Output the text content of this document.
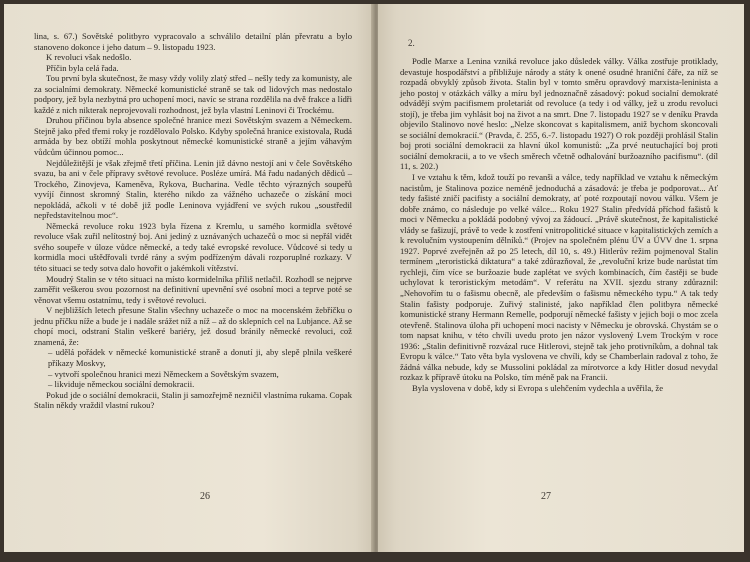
lina, s. 67.) Sovětské politbyro vypracovalo a schválilo detailní plán převratu a bylo stanoveno dokonce i jeho datum – 9. listopadu 1923.

K revoluci však nedošlo.

Příčin byla celá řada.

Tou první byla skutečnost, že masy vždy volily zlatý střed – nešly tedy za komunisty, ale za socialními demokraty. Německé komunistické straně se tak od lidových mas nedostalo podpory, jež byla nezbytná pro uchopení moci, navíc se strana rozdělila na dvě frakce a lídři každé z nich nikterak neprojevovali rozhodnost, jež byla vlastní Leninovi či Trockému.

Druhou příčinou byla absence společné hranice mezi Sovětským svazem a Německem. Stejně jako před třemi roky je rozdělovalo Polsko. Kdyby společná hranice existovala, Rudá armáda by bez obtíží mohla poskytnout německé komunistické straně a jejím váhavým vůdcům účinnou pomoc...

Nejdůležitější je však zřejmě třetí příčina. Lenin již dávno nestojí ani v čele Sovětského svazu, ba ani v čele přípravy světové revoluce. Posléze umírá. Má řadu nadaných dědiců – Trockého, Zinovjeva, Kameněva, Rykova, Bucharina. Vedle těchto výrazných soupeřů vyvíjí činnost skromný Stalin, kterého nikdo za vážného uchazeče o získání moci nepokládá, ačkoli v té době již podle Leninova vyjádření ve svých rukou „soustředil nepředstavitelnou moc“.

Německá revoluce roku 1923 byla řízena z Kremlu, u samého kormidla světové revoluce však zuřil nelítostný boj. Ani jediný z uznávaných uchazečů o moc si nepřál vidět svého soupeře v úloze vůdce německé, a tedy také evropské revoluce. Vůdcové si tedy u kormidla moci uštědřovali tvrdé rány a svým podřízeným dávali rozporuplné rozkazy. V této situaci se tedy sotva dalo hovořit o jakémkoli vítězství.

Moudrý Stalin se v této situaci na místo kormidelníka příliš netlačil. Rozhodl se nejprve zaměřit veškerou svou pozornost na definitivní upevnění své osobní moci a teprve poté se věnovat všemu ostatnímu, tedy i světové revoluci.

V nejbližších letech přesune Stalin všechny uchazeče o moc na mocenském žebříčku o jednu příčku níže a bude je i nadále srážet níž a níž – až do sklepních cel na Lubjance. Až se chopí moci, odstraní Stalin veškeré bariéry, jež dosud bránily německé revoluci, což znamená, že:

– udělá pořádek v německé komunistické straně a donutí ji, aby slepě plnila veškeré příkazy Moskvy,

– vytvoří společnou hranici mezi Německem a Sovětským svazem,

– likviduje německou sociální demokracii.

Pokud jde o sociální demokracii, Stalin ji samozřejmě nezničil vlastníma rukama. Copak Stalin někdy vraždil vlastní rukou?

26
2.

Podle Marxe a Lenina vzniká revoluce jako důsledek války. Válka zostřuje protiklady, devastuje hospodářství a přibližuje národy a státy k onené osudné hraniční čáře, za níž se rozpadá obvyklý způsob života. Stalin byl v tomto směru opravdový marxista-leninista a jeho postoj v otázkách války a míru byl jednoznačně zásadový: pokud socialní demokraté odvádějí svým pacifismem proletariát od revoluce (a tedy i od války, jež u zrodu revoluci stojí), je třeba jim vyhlásit boj na život a na smrt. Dne 7. listopadu 1927 se v deníku Pravda objevilo Stalinovo nové heslo: „Nelze skoncovat s kapitalismem, aniž bychom skoncovali se sociální demokracií.“ (Pravda, č. 255, 6.-7. listopadu 1927) O rok později prohlásil Stalin boj proti sociální demokracii za hlavní úkol komunistů: „Za prvé neutuchající boj proti sociální demokracii, a to ve všech směrech včetně odhalování buržoazního pacifismu“. (díl 11, s. 202.)

I ve vztahu k těm, kdož touží po revanši a válce, tedy například ve vztahu k německým nacistům, je Stalinova pozice neméně jednoduchá a zásadová: je třeba je podporovat... Ať tedy fašisté zničí pacifisty a sociální demokraty, ať poté rozpoutají novou válku. Všem je dobře známo, co následuje po velké válce... Roku 1927 Stalin předvídá příchod fašistů k moci v Německu a pokládá podobný vývoj za žádoucí. „Právě skutečnost, že kapitalistické vlády se fašizují, právě to vede k zostření vnitropolitické situace v kapitalistických zemích a k revolučním vystoupením dělníků.“ (Projev na společném plénu ÚV a ÚVV dne 1. srpna 1927. Poprvé zveřejněn až po 25 letech, díl 10, s. 49.) Hitlerův režim pojmenoval Stalin termínem „teroristická diktatura“ a také zdůrazňoval, že „revoluční krize bude narůstat tím rychleji, čím více se buržoazie bude zaplétat ve svých kombinacích, čím častěji se bude uchylovat k teroristickým metodám“. V referátu na XVII. sjezdu strany zdůraznil: „Nehovořím tu o fašismu obecně, ale především o fašismu německého typu.“ A tak tedy Stalin fašisty podporuje. Zuřivý stalinisté, jako například člen politbyra německé komunistické strany Hermann Remelle, podporují německé fašisty v jejich boji o moc zcela otevřeně. Stalinova úloha při uchopení moci nacisty v Německu je obrovská. Chystám se o tom napsat knihu, v této chvíli uvedu proto jen názor vyslovený Lvem Trockým v roce 1936: „Stalin definitivně rozvázal ruce Hitlerovi, stejně tak jeho protivníkům, a dohnal tak Evropu k válce.“ Tato věta byla vyslovena ve chvíli, kdy se Chamberlain radoval z toho, že žádná válka nebude, kdy se Mussolini pokládal za mírotvorce a kdy Hitler dosud nevydal rozkaz k přípravě útoku na Polsko, tím méně pak na Francii.

Byla vyslovena v době, kdy si Evropa s ulehčením vydechla a uvěřila, že

27
